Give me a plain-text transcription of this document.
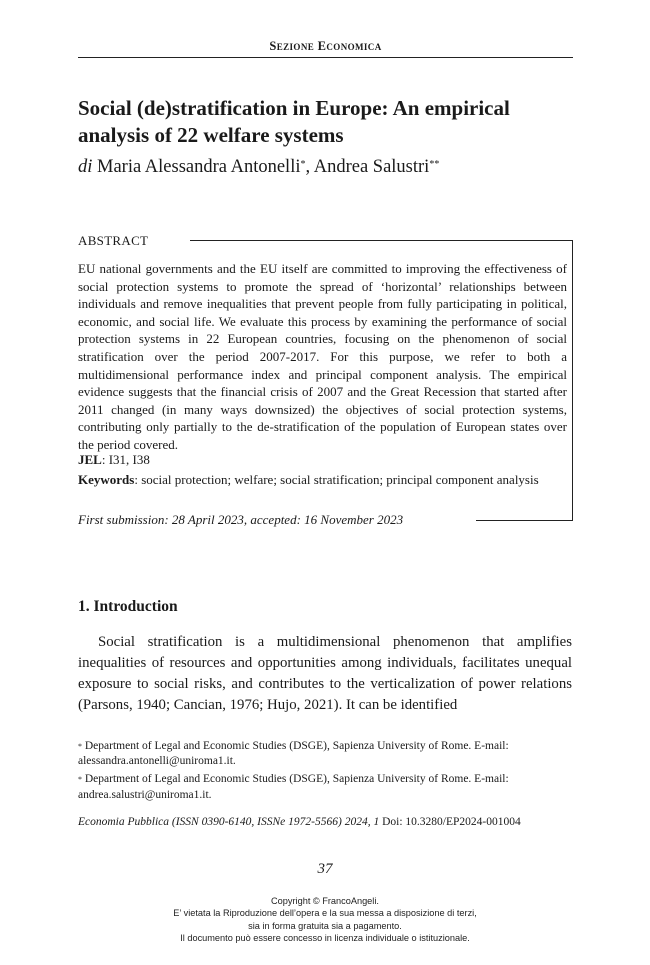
Sezione Economica
Social (de)stratification in Europe: An empirical analysis of 22 welfare systems
di Maria Alessandra Antonelli*, Andrea Salustri**
ABSTRACT

EU national governments and the EU itself are committed to improving the effectiveness of social protection systems to promote the spread of ‘horizontal’ relationships between individuals and remove inequalities that prevent people from fully participating in political, economic, and social life. We evaluate this process by examining the performance of social protection systems in 22 European countries, focusing on the phenomenon of social stratification over the period 2007-2017. For this purpose, we refer to both a multidimensional performance index and principal component analysis. The empirical evidence suggests that the financial crisis of 2007 and the Great Recession that started after 2011 changed (in many ways downsized) the objectives of social protection systems, contributing only partially to the de-stratification of the population of European states over the period covered.

JEL: I31, I38
Keywords: social protection; welfare; social stratification; principal component analysis
First submission: 28 April 2023, accepted: 16 November 2023
1. Introduction

Social stratification is a multidimensional phenomenon that amplifies inequalities of resources and opportunities among individuals, facilitates unequal exposure to social risks, and contributes to the verticalization of power relations (Parsons, 1940; Cancian, 1976; Hujo, 2021). It can be identified

* Department of Legal and Economic Studies (DSGE), Sapienza University of Rome. E-mail: alessandra.antonelli@uniroma1.it.

* Department of Legal and Economic Studies (DSGE), Sapienza University of Rome. E-mail: andrea.salustri@uniroma1.it.

Economia Pubblica (ISSN 0390-6140, ISSNe 1972-5566) 2024, 1 Doi: 10.3280/EP2024-001004
37
Copyright © FrancoAngeli.
E’ vietata la Riproduzione dell’opera e la sua messa a disposizione di terzi,
sia in forma gratuita sia a pagamento.
Il documento può essere concesso in licenza individuale o istituzionale.
